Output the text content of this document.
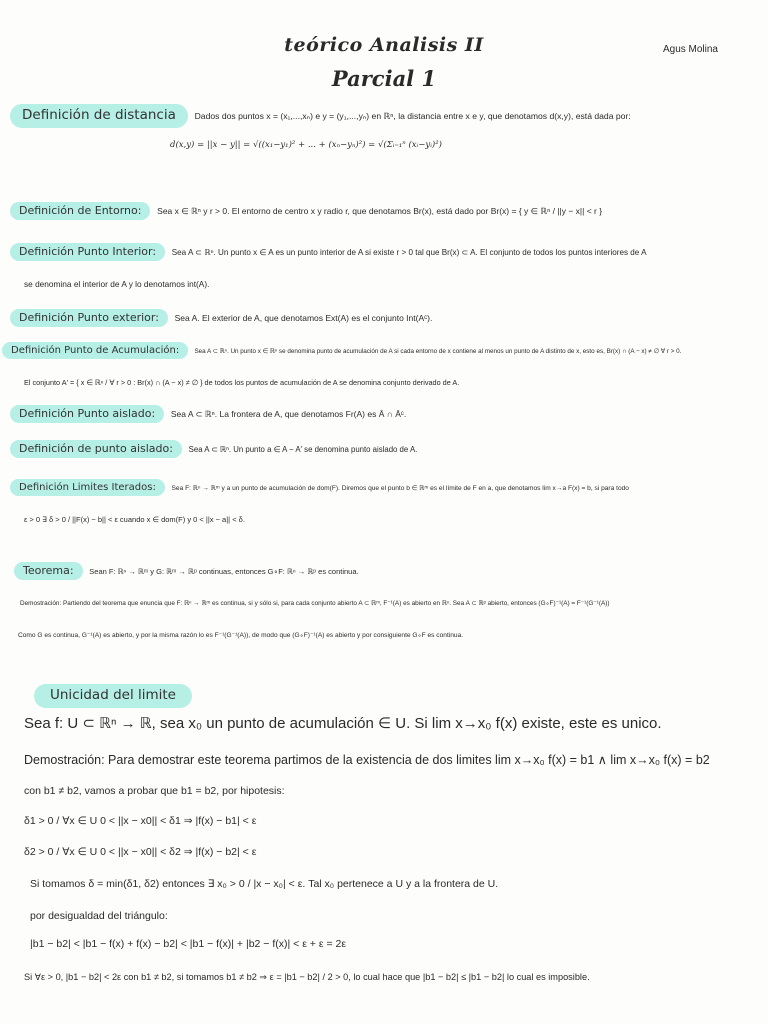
teórico Analisis II
Parcial 1
Agus Molina
Definición de distancia Dados dos puntos x = (x₁,...,xₙ) e y = (y₁,...,yₙ) en ℝⁿ, la distancia entre x e y, que denotamos d(x,y), está dada por:
d(x,y) = ||x − y|| = √((x₁−y₁)² + ... + (xₙ−yₙ)²) = √(Σᵢ₌₁ⁿ (xᵢ−yᵢ)²)
Definición de Entorno: Sea x ∈ ℝⁿ y r > 0. El entorno de centro x y radio r, que denotamos Br(x), está dado por Br(x) = { y ∈ ℝⁿ / ||y − x|| < r }
Definición Punto Interior: Sea A ⊂ ℝⁿ. Un punto x ∈ A es un punto interior de A si existe r > 0 tal que Br(x) ⊂ A. El conjunto de todos los puntos interiores de A
se denomina el interior de A y lo denotamos int(A).
Definición Punto exterior: Sea A. El exterior de A, que denotamos Ext(A) es el conjunto Int(Aᶜ).
Definición Punto de Acumulación: Sea A ⊂ ℝⁿ. Un punto x ∈ ℝⁿ se denomina punto de acumulación de A si cada entorno de x contiene al menos un punto de A distinto de x, esto es, Br(x) ∩ (A − x) ≠ ∅ ∀ r > 0.
El conjunto A' = { x ∈ ℝⁿ / ∀ r > 0 : Br(x) ∩ (A − x) ≠ ∅ } de todos los puntos de acumulación de A se denomina conjunto derivado de A.
Definición Punto aislado: Sea A ⊂ ℝⁿ. La frontera de A, que denotamos Fr(A) es Ā ∩ Āᶜ.
Definición de punto aislado: Sea A ⊂ ℝⁿ. Un punto a ∈ A − A' se denomina punto aislado de A.
Definición Limites Iterados: Sea F: ℝⁿ → ℝᵐ y a un punto de acumulación de dom(F). Diremos que el punto b ∈ ℝᵐ es el límite de F en a, que denotamos lim x→a F(x) = b, si para todo
ε > 0 ∃ δ > 0 / ||F(x) − b|| < ε cuando x ∈ dom(F) y 0 < ||x − a|| < δ.
Teorema: Sean F: ℝⁿ → ℝᵐ y G: ℝᵐ → ℝᵖ continuas, entonces G∘F: ℝⁿ → ℝᵖ es continua.
Demostración: Partiendo del teorema que enuncia que F: ℝⁿ → ℝᵐ es continua, si y sólo si, para cada conjunto abierto A ⊂ ℝᵐ, F⁻¹(A) es abierto en ℝⁿ. Sea A ⊂ ℝᵖ abierto, entonces (G∘F)⁻¹(A) = F⁻¹(G⁻¹(A))
Como G es continua, G⁻¹(A) es abierto, y por la misma razón lo es F⁻¹(G⁻¹(A)), de modo que (G∘F)⁻¹(A) es abierto y por consiguiente G∘F es continua.
Unicidad del limite
Sea f: U ⊂ ℝⁿ → ℝ, sea x₀ un punto de acumulación ∈ U. Si lim x→x₀ f(x) existe, este es unico.
Demostración: Para demostrar este teorema partimos de la existencia de dos limites lim x→x₀ f(x) = b1 ∧ lim x→x₀ f(x) = b2
con b1 ≠ b2, vamos a probar que b1 = b2, por hipotesis:
δ1 > 0 / ∀x ∈ U 0 < ||x − x0|| < δ1 ⇒ |f(x) − b1| < ε
δ2 > 0 / ∀x ∈ U 0 < ||x − x0|| < δ2 ⇒ |f(x) − b2| < ε
Si tomamos δ = min(δ1, δ2) entonces ∃ x₀ > 0 / |x − x₀| < ε. Tal x₀ pertenece a U y a la frontera de U.
por desigualdad del triángulo:
|b1 − b2| < |b1 − f(x) + f(x) − b2| < |b1 − f(x)| + |b2 − f(x)| < ε + ε = 2ε
Si ∀ε > 0, |b1 − b2| < 2ε con b1 ≠ b2, si tomamos b1 ≠ b2 ⇒ ε = |b1 − b2| / 2 > 0, lo cual hace que |b1 − b2| ≤ |b1 − b2| lo cual es imposible.
